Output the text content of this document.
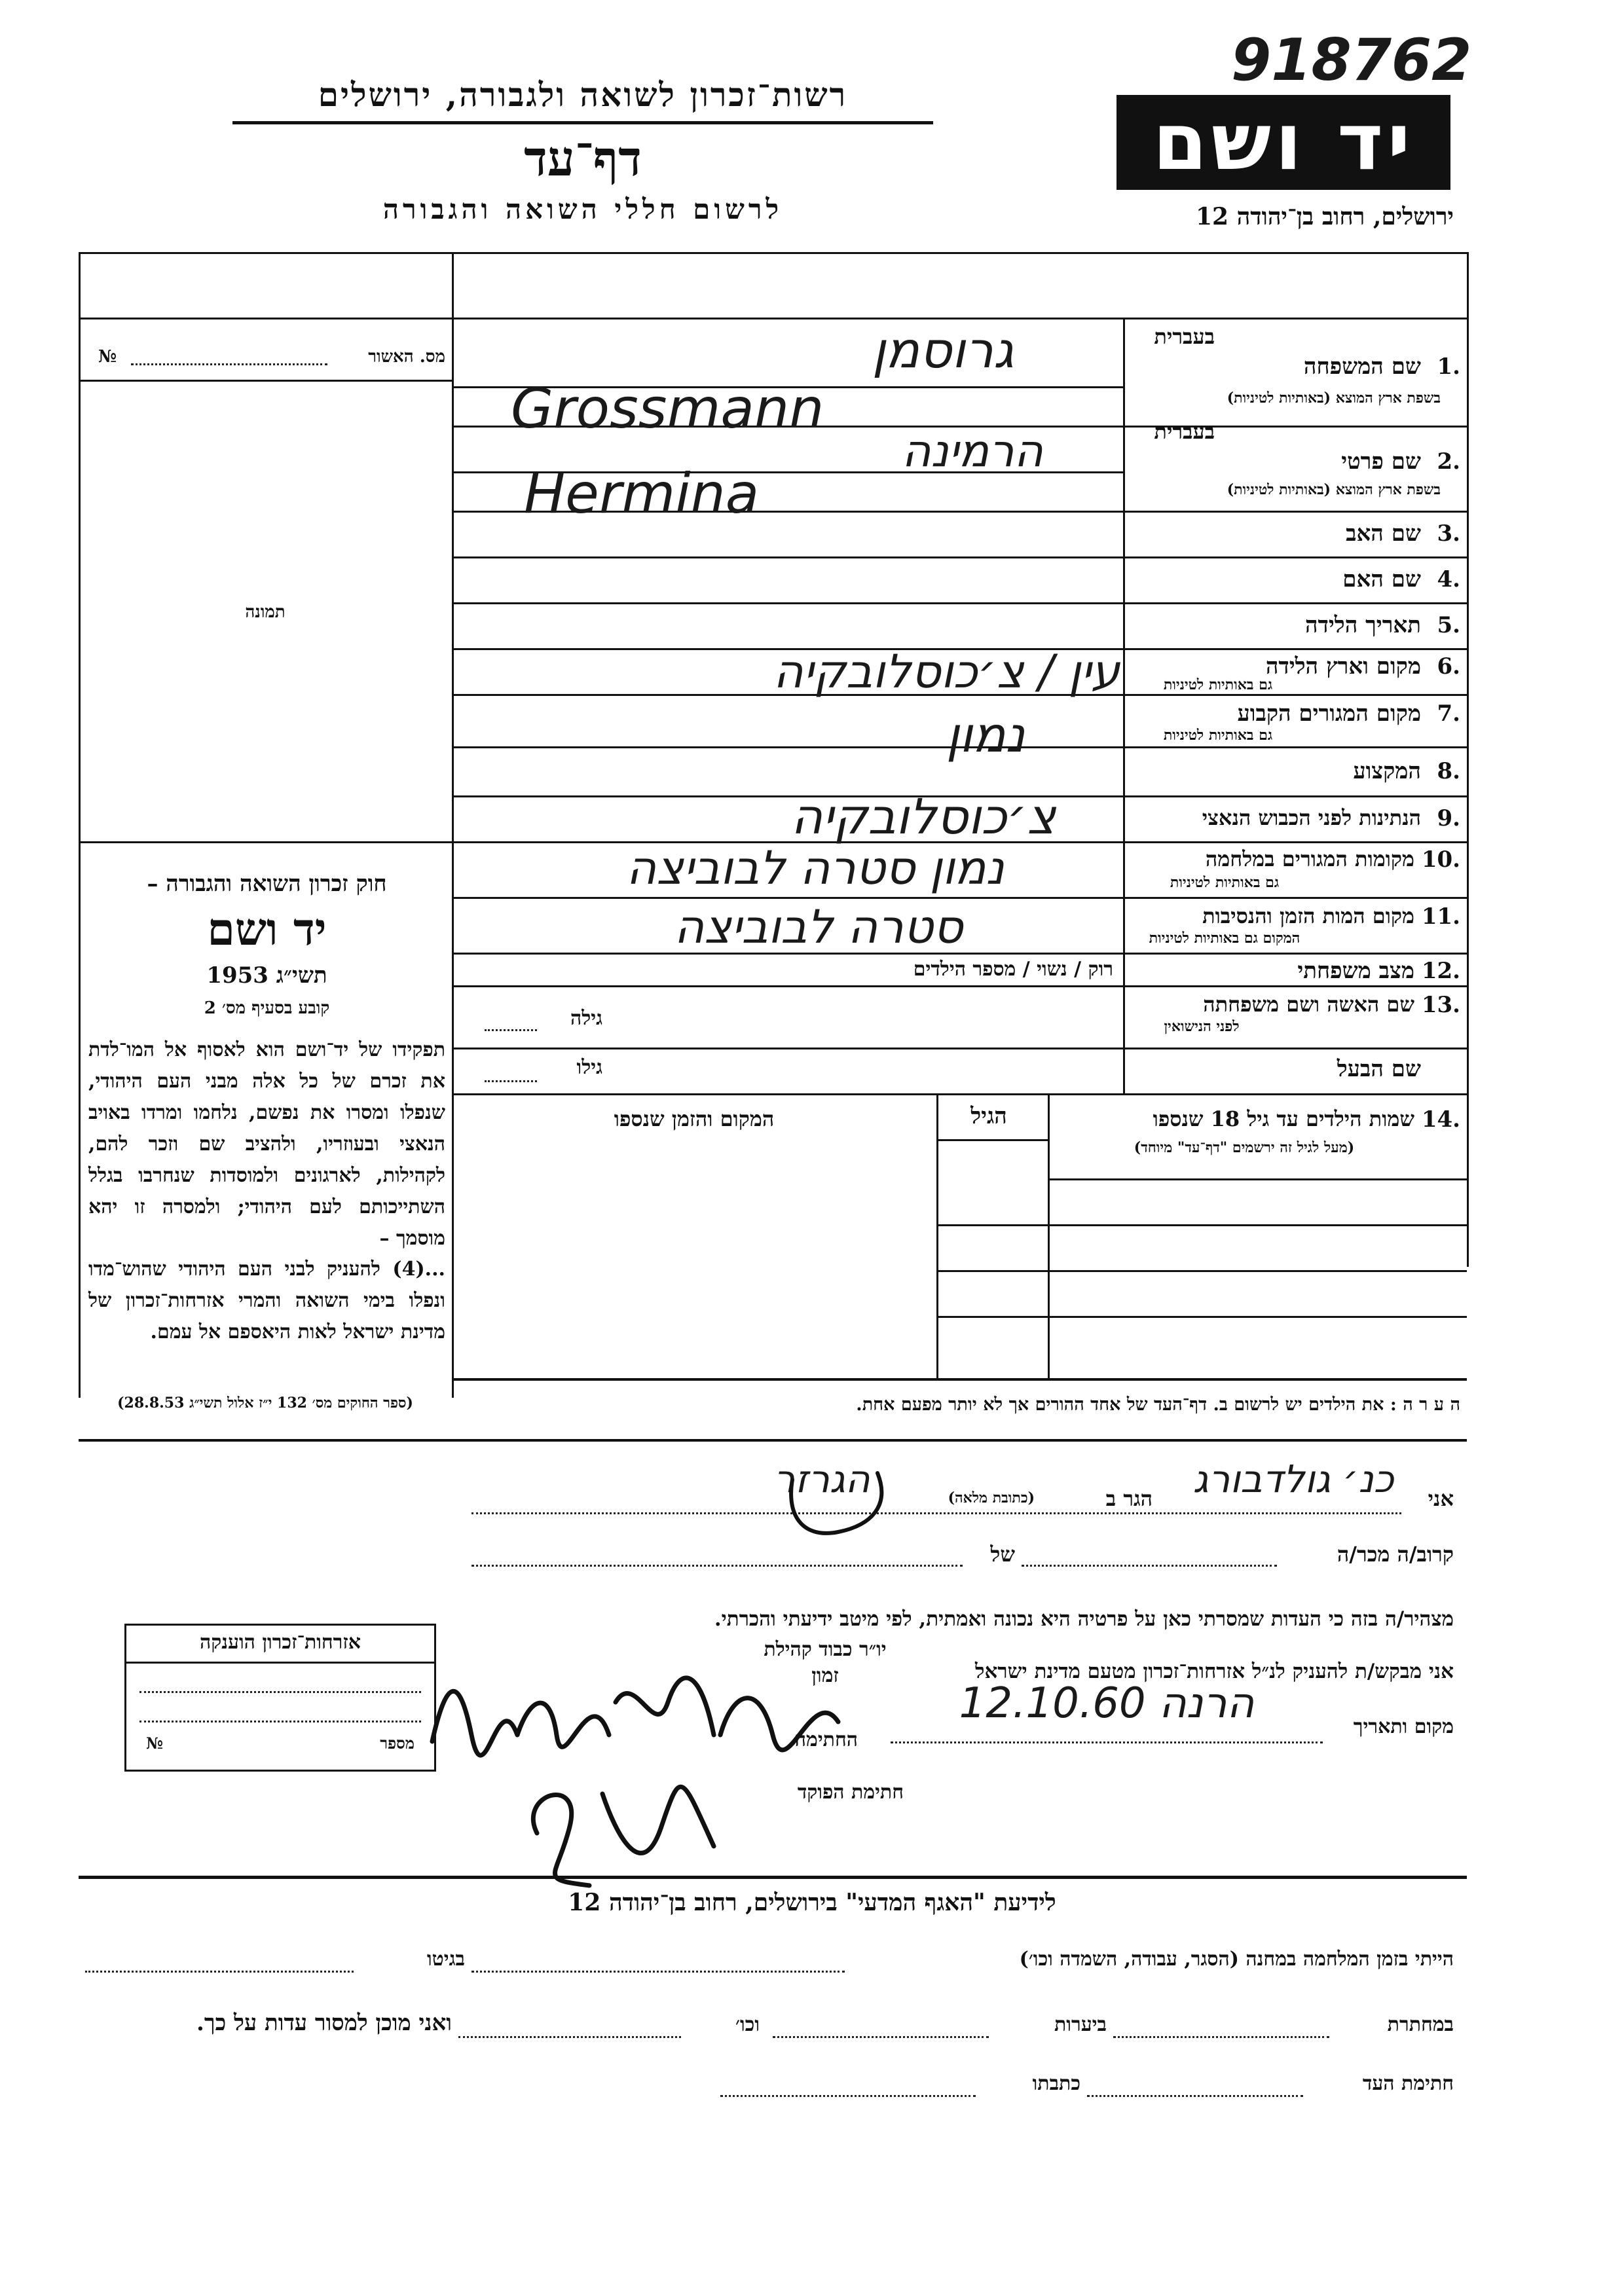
918762
יד ושם
ירושלים, רחוב בן־יהודה 12
רשות־זכרון לשואה ולגבורה, ירושלים
דף־עד
לרשום חללי השואה והגבורה
מס. האשור
№
תמונה
חוק זכרון השואה והגבורה –
יד ושם
תשי״ג 1953
קובע בסעיף מס׳ 2
תפקידו של יד־ושם הוא לאסוף אל המו־לדת את זכרם של כל אלה מבני העם היהודי, שנפלו ומסרו את נפשם, נלחמו ומרדו באויב הנאצי ובעוזריו, ולהציב שם וזכר להם, לקהילות, לארגונים ולמוסדות שנחרבו בגלל השתייכותם לעם היהודי; ולמסרה זו יהא מוסמך –
...(4) להעניק לבני העם היהודי שהוש־מדו ונפלו בימי השואה והמרי אזרחות־זכרון של מדינת ישראל לאות היאספם אל עמם.
(ספר החוקים מס׳ 132 י״ז אלול תשי״ג 28.8.53)
בעברית
1.
שם המשפחה
בשפת ארץ המוצא (באותיות לטיניות)
בעברית
2.
שם פרטי
בשפת ארץ המוצא (באותיות לטיניות)
3.
שם האב
4.
שם האם
5.
תאריך הלידה
6.
מקום וארץ הלידה
גם באותיות לטיניות
7.
מקום המגורים הקבוע
גם באותיות לטיניות
8.
המקצוע
9.
הנתינות לפני הכבוש הנאצי
10.
מקומות המגורים במלחמה
גם באותיות לטיניות
11.
מקום המות הזמן והנסיבות
המקום גם באותיות לטיניות
12.
מצב משפחתי
רוק / נשוי / מספר הילדים
13.
שם האשה ושם משפחתה
לפני הנישואין
גילה
שם הבעל
גילו
גרוסמן
Grossmann
הרמינה
Hermina
עין / צ׳כוסלובקיה
נמון
צ׳כוסלובקיה
נמון סטרה לבוביצה
סטרה לבוביצה
14.
שמות הילדים עד גיל 18 שנספו
(מעל לגיל זה ירשמים "דף־עד" מיוחד)
הגיל
המקום והזמן שנספו
ה ע ר ה : את הילדים יש לרשום ב. דף־העד של אחד ההורים אך לא יותר מפעם אחת.
אני
כנ׳ גולדבורג
הגר ב
(כתובת מלאה)
הגרזר
קרוב/ה מכר/ה
של
מצהיר/ה בזה כי העדות שמסרתי כאן על פרטיה היא נכונה ואמתית, לפי מיטב ידיעתי והכרתי.
אני מבקש/ת להעניק לנ״ל אזרחות־זכרון מטעם מדינת ישראל
מקום ותאריך
הרנה 12.10.60
החתימה
יו״ר כבוד קהילת זמון
חתימת הפוקד
אזרחות־זכרון הוענקה
מספר
№
לידיעת "האגף המדעי" בירושלים, רחוב בן־יהודה 12
הייתי בזמן המלחמה במחנה (הסגר, עבודה, השמדה וכו׳)
בגיטו
במחתרת
ביערות
וכו׳
ואני מוכן למסור עדות על כך.
חתימת העד
כתבתו
